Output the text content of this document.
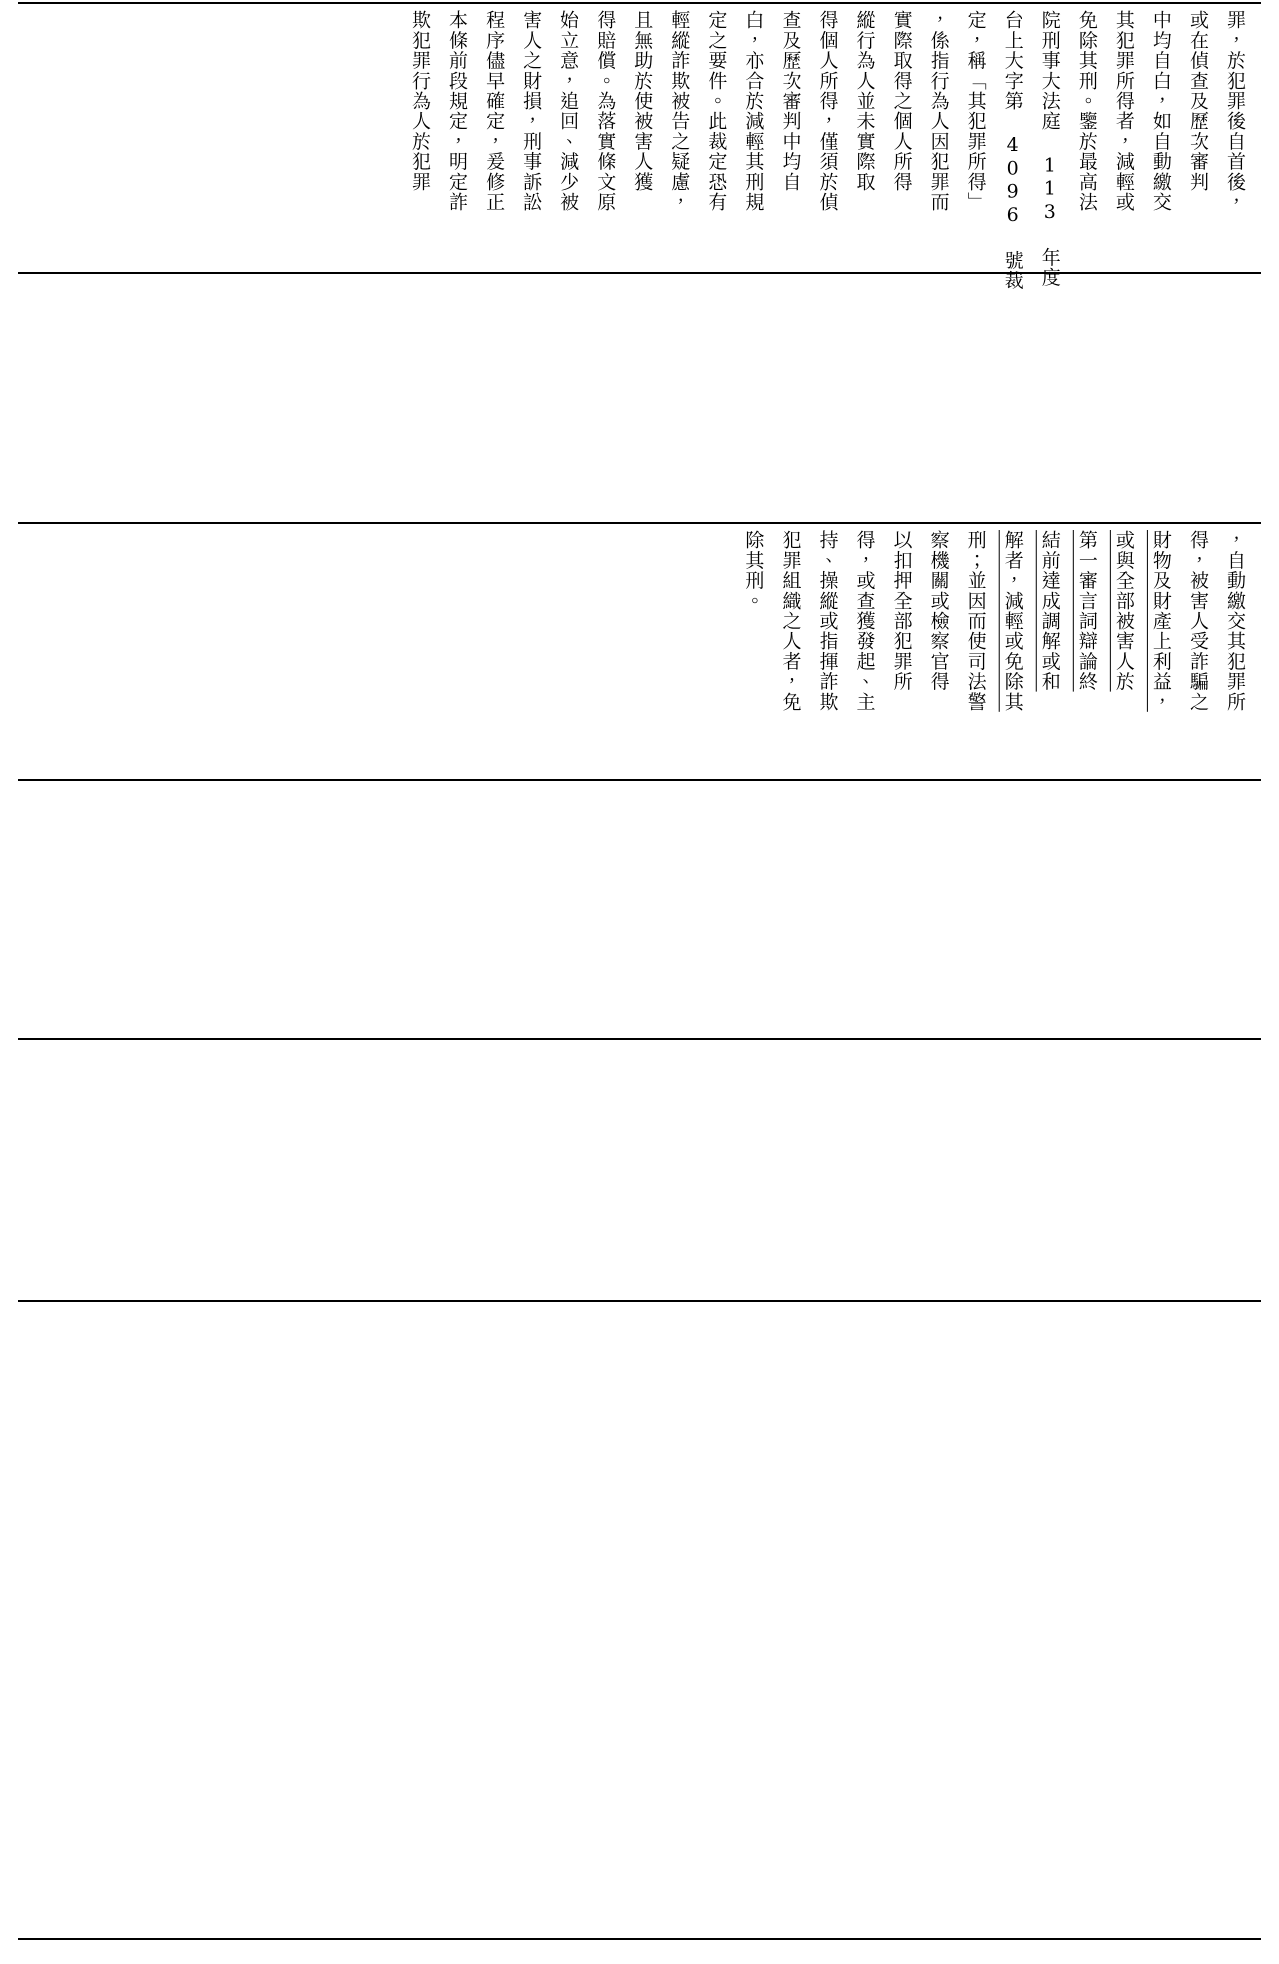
罪，於犯罪後自首後，
或在偵查及歷次審判
中均自白，如自動繳交
其犯罪所得者，減輕或
免除其刑。鑒於最高法
院刑事大法庭 113 年度
台上大字第 4096 號裁
定，稱「其犯罪所得」
，係指行為人因犯罪而
實際取得之個人所得
縱行為人並未實際取
得個人所得，僅須於偵
查及歷次審判中均自
白，亦合於減輕其刑規
定之要件。此裁定恐有
輕縱詐欺被告之疑慮，
且無助於使被害人獲
得賠償。為落實條文原
始立意，追回、減少被
害人之財損，刑事訴訟
程序儘早確定，爰修正
本條前段規定，明定詐
欺犯罪行為人於犯罪
，自動繳交其犯罪所
得，被害人受詐騙之
財物及財產上利益，
或與全部被害人於
第一審言詞辯論終
結前達成調解或和
解者，減輕或免除其
刑；並因而使司法警
察機關或檢察官得
以扣押全部犯罪所
得，或查獲發起、主
持、操縱或指揮詐欺
犯罪組織之人者，免
除其刑。
